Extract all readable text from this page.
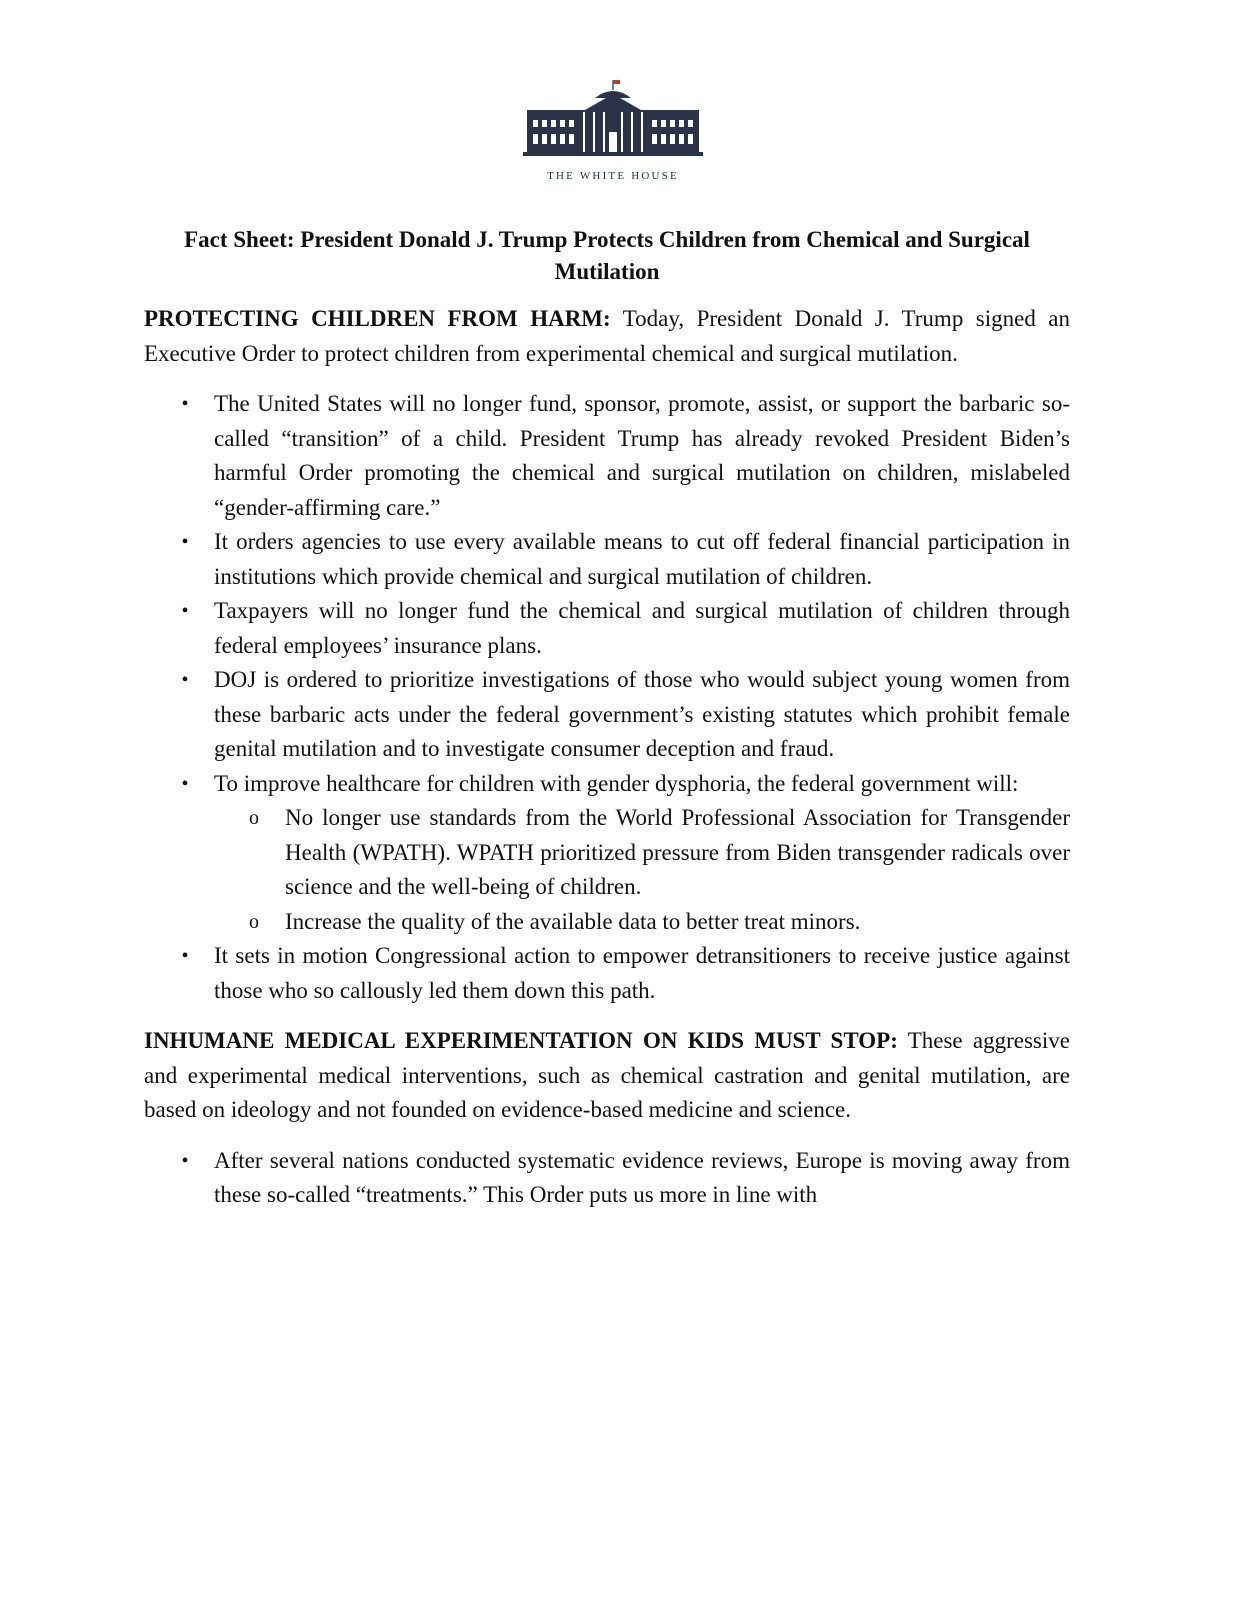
THE WHITE HOUSE
Fact Sheet: President Donald J. Trump Protects Children from Chemical and Surgical Mutilation

PROTECTING CHILDREN FROM HARM: Today, President Donald J. Trump signed an Executive Order to protect children from experimental chemical and surgical mutilation.

• The United States will no longer fund, sponsor, promote, assist, or support the barbaric so-called “transition” of a child. President Trump has already revoked President Biden’s harmful Order promoting the chemical and surgical mutilation on children, mislabeled “gender-affirming care.”
• It orders agencies to use every available means to cut off federal financial participation in institutions which provide chemical and surgical mutilation of children.
• Taxpayers will no longer fund the chemical and surgical mutilation of children through federal employees’ insurance plans.
• DOJ is ordered to prioritize investigations of those who would subject young women from these barbaric acts under the federal government’s existing statutes which prohibit female genital mutilation and to investigate consumer deception and fraud.
• To improve healthcare for children with gender dysphoria, the federal government will:
o No longer use standards from the World Professional Association for Transgender Health (WPATH). WPATH prioritized pressure from Biden transgender radicals over science and the well-being of children.
o Increase the quality of the available data to better treat minors.
• It sets in motion Congressional action to empower detransitioners to receive justice against those who so callously led them down this path.

INHUMANE MEDICAL EXPERIMENTATION ON KIDS MUST STOP: These aggressive and experimental medical interventions, such as chemical castration and genital mutilation, are based on ideology and not founded on evidence-based medicine and science.

• After several nations conducted systematic evidence reviews, Europe is moving away from these so-called “treatments.” This Order puts us more in line with
